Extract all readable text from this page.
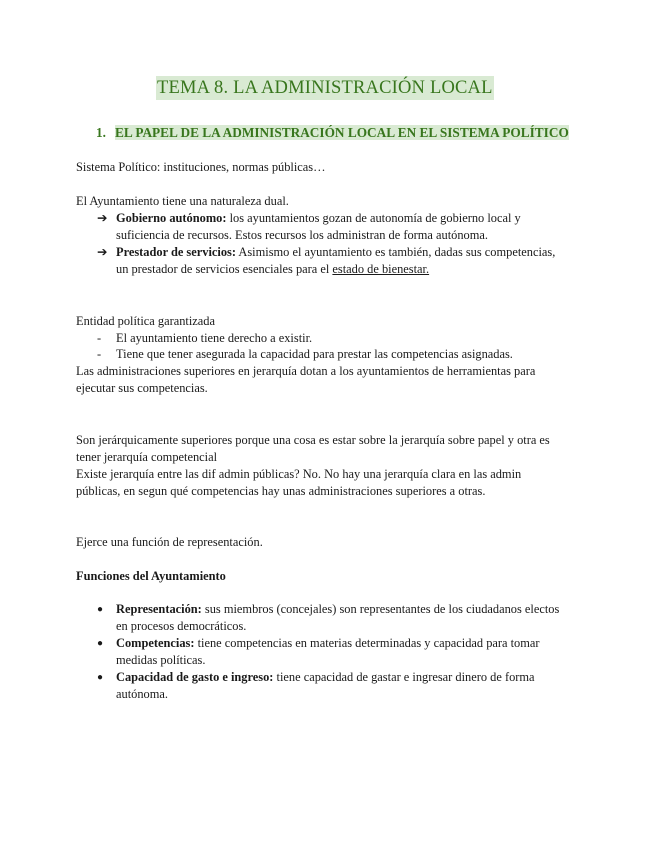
TEMA 8. LA ADMINISTRACIÓN LOCAL
1. EL PAPEL DE LA ADMINISTRACIÓN LOCAL EN EL SISTEMA POLÍTICO
Sistema Político: instituciones, normas públicas…
El Ayuntamiento tiene una naturaleza dual.
➔ Gobierno autónomo: los ayuntamientos gozan de autonomía de gobierno local y
suficiencia de recursos. Estos recursos los administran de forma autónoma.
➔ Prestador de servicios: Asimismo el ayuntamiento es también, dadas sus competencias,
un prestador de servicios esenciales para el estado de bienestar.
Entidad política garantizada
- El ayuntamiento tiene derecho a existir.
- Tiene que tener asegurada la capacidad para prestar las competencias asignadas.
Las administraciones superiores en jerarquía dotan a los ayuntamientos de herramientas para
ejecutar sus competencias.
Son jerárquicamente superiores porque una cosa es estar sobre la jerarquía sobre papel y otra es
tener jerarquía competencial
Existe jerarquía entre las dif admin públicas? No. No hay una jerarquía clara en las admin
públicas, en segun qué competencias hay unas administraciones superiores a otras.
Ejerce una función de representación.
Funciones del Ayuntamiento
● Representación: sus miembros (concejales) son representantes de los ciudadanos electos
en procesos democráticos.
● Competencias: tiene competencias en materias determinadas y capacidad para tomar
medidas políticas.
● Capacidad de gasto e ingreso: tiene capacidad de gastar e ingresar dinero de forma
autónoma.
